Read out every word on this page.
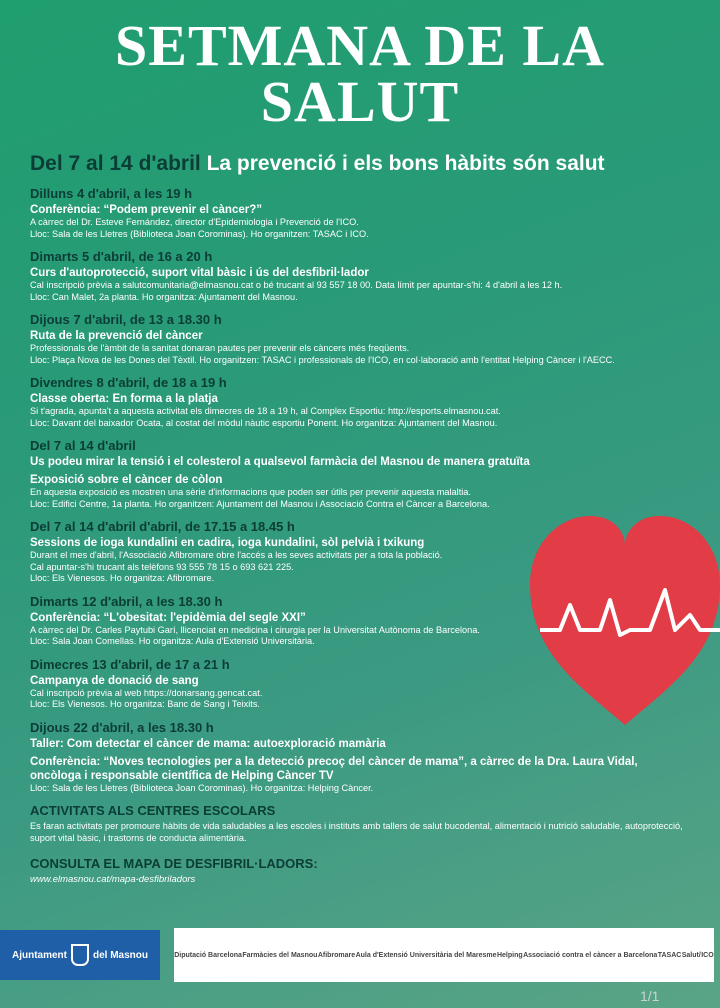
SETMANA DE LA
SALUT
Del 7 al 14 d'abril La prevenció i els bons hàbits són salut
Dilluns 4 d'abril, a les 19 h
Conferència: “Podem prevenir el càncer?”
A càrrec del Dr. Esteve Fernández, director d'Epidemiologia i Prevenció de l'ICO.
Lloc: Sala de les Lletres (Biblioteca Joan Corominas). Ho organitzen: TASAC i ICO.
Dimarts 5 d'abril, de 16 a 20 h
Curs d'autoprotecció, suport vital bàsic i ús del desfibril·lador
Cal inscripció prèvia a salutcomunitaria@elmasnou.cat o bé trucant al 93 557 18 00. Data límit per apuntar-s'hi: 4 d'abril a les 12 h.
Lloc: Can Malet, 2a planta. Ho organitza: Ajuntament del Masnou.
Dijous 7 d'abril, de 13 a 18.30 h
Ruta de la prevenció del càncer
Professionals de l'àmbit de la sanitat donaran pautes per prevenir els càncers més freqüents.
Lloc: Plaça Nova de les Dones del Tèxtil. Ho organitzen: TASAC i professionals de l'ICO, en col·laboració amb l'entitat Helping Càncer i l'AECC.
Divendres 8 d'abril, de 18 a 19 h
Classe oberta: En forma a la platja
Si t'agrada, apunta't a aquesta activitat els dimecres de 18 a 19 h, al Complex Esportiu: http://esports.elmasnou.cat.
Lloc: Davant del baixador Ocata, al costat del mòdul nàutic esportiu Ponent. Ho organitza: Ajuntament del Masnou.
Del 7 al 14 d'abril
Us podeu mirar la tensió i el colesterol a qualsevol farmàcia del Masnou de manera gratuïta
Exposició sobre el càncer de còlon
En aquesta exposició es mostren una sèrie d'informacions que poden ser útils per prevenir aquesta malaltia.
Lloc: Edifici Centre, 1a planta. Ho organitzen: Ajuntament del Masnou i Associació Contra el Càncer a Barcelona.
Del 7 al 14 d'abril d'abril, de 17.15 a 18.45 h
Sessions de ioga kundalini en cadira, ioga kundalini, sòl pelvià i txikung
Durant el mes d'abril, l'Associació Afibromare obre l'accés a les seves activitats per a tota la població.
Cal apuntar-s'hi trucant als telèfons 93 555 78 15 o 693 621 225.
Lloc: Els Vienesos. Ho organitza: Afibromare.
Dimarts 12 d'abril, a les 18.30 h
Conferència: “L'obesitat: l'epidèmia del segle XXI”
A càrrec del Dr. Carles Paytubi Garí, llicenciat en medicina i cirurgia per la Universitat Autònoma de Barcelona.
Lloc: Sala Joan Comellas. Ho organitza: Aula d'Extensió Universitària.
Dimecres 13 d'abril, de 17 a 21 h
Campanya de donació de sang
Cal inscripció prèvia al web https://donarsang.gencat.cat.
Lloc: Els Vienesos. Ho organitza: Banc de Sang i Teixits.
Dijous 22 d'abril, a les 18.30 h
Taller: Com detectar el càncer de mama: autoexploració mamària
Conferència: “Noves tecnologies per a la detecció precoç del càncer de mama”, a càrrec de la Dra. Laura Vidal, oncòloga i responsable científica de Helping Càncer TV
Lloc: Sala de les Lletres (Biblioteca Joan Corominas). Ho organitza: Helping Càncer.
ACTIVITATS ALS CENTRES ESCOLARS
Es faran activitats per promoure hàbits de vida saludables a les escoles i instituts amb tallers de salut bucodental, alimentació i nutrició saludable, autoprotecció, suport vital bàsic, i trastorns de conducta alimentària.
CONSULTA EL MAPA DE DESFIBRIL·LADORS:
www.elmasnou.cat/mapa-desfibriladors
Ajuntament	del Masnou	Diputació Barcelona Farmàcies del Masnou Afibromare Aula d'Extensió Universitària del Maresme Helping Associació contra el càncer a Barcelona TASAC Salut/ ICO
1/1
